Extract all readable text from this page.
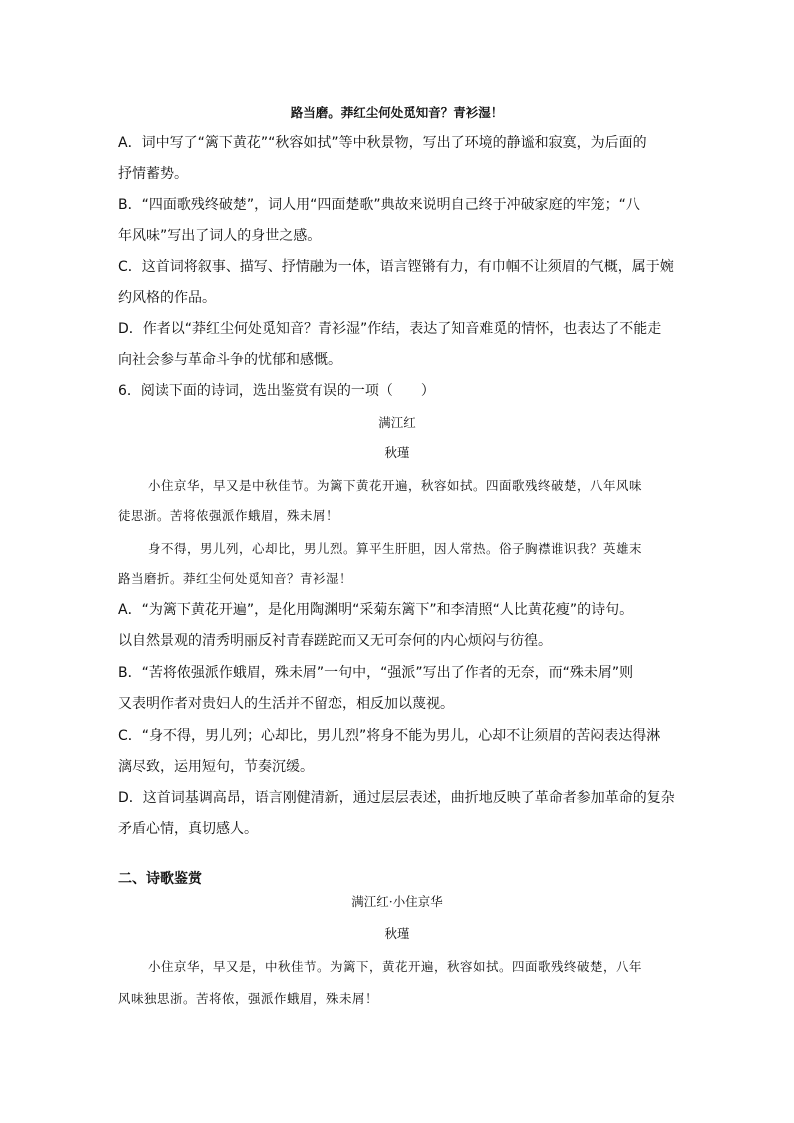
路当磨。莽红尘何处觅知音？青衫湿！
A．词中写了“篱下黄花”“秋容如拭”等中秋景物，写出了环境的静谧和寂寞，为后面的
抒情蓄势。
B．“四面歌残终破楚”，词人用“四面楚歌”典故来说明自己终于冲破家庭的牢笼；“八
年风味”写出了词人的身世之感。
C．这首词将叙事、描写、抒情融为一体，语言铿锵有力，有巾帼不让须眉的气概，属于婉
约风格的作品。
D．作者以“莽红尘何处觅知音？青衫湿”作结，表达了知音难觅的情怀，也表达了不能走
向社会参与革命斗争的忧郁和感慨。
6．阅读下面的诗词，选出鉴赏有误的一项（　　）
满江红
秋瑾
小住京华，早又是中秋佳节。为篱下黄花开遍，秋容如拭。四面歌残终破楚，八年风味
徒思浙。苦将侬强派作蛾眉，殊未屑！
身不得，男儿列，心却比，男儿烈。算平生肝胆，因人常热。俗子胸襟谁识我？英雄末
路当磨折。莽红尘何处觅知音？青衫湿！
A．“为篱下黄花开遍”，是化用陶渊明“采菊东篱下”和李清照“人比黄花瘦”的诗句。
以自然景观的清秀明丽反衬青春蹉跎而又无可奈何的内心烦闷与彷徨。
B．“苦将侬强派作蛾眉，殊未屑”一句中，“强派”写出了作者的无奈，而“殊未屑”则
又表明作者对贵妇人的生活并不留恋，相反加以蔑视。
C．“身不得，男儿列；心却比，男儿烈”将身不能为男儿，心却不让须眉的苦闷表达得淋
漓尽致，运用短句，节奏沉缓。
D．这首词基调高昂，语言刚健清新，通过层层表述，曲折地反映了革命者参加革命的复杂
矛盾心情，真切感人。
二、诗歌鉴赏
满江红·小住京华
秋瑾
小住京华，早又是，中秋佳节。为篱下，黄花开遍，秋容如拭。四面歌残终破楚，八年
风味独思浙。苦将侬，强派作蛾眉，殊未屑！
